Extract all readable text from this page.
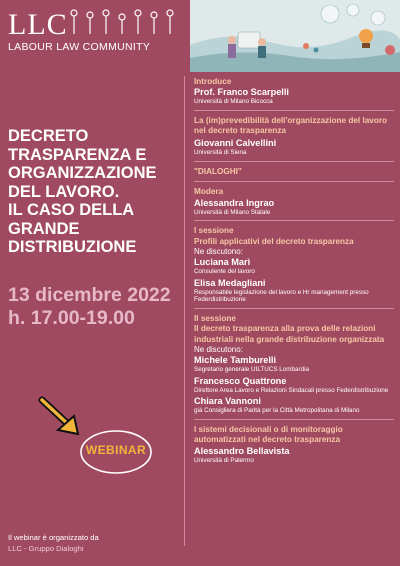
LLC
LABOUR LAW COMMUNITY
DECRETO
TRASPARENZA E
ORGANIZZAZIONE
DEL LAVORO.
IL CASO DELLA
GRANDE
DISTRIBUZIONE
13 dicembre 2022
h. 17.00-19.00
WEBINAR
Il webinar è organizzato da
LLC - Gruppo Dialoghi
Introduce
Prof. Franco Scarpelli
Università di Milano Bicocca
La (im)prevedibilità dell'organizzazione del lavoro nel decreto trasparenza
Giovanni Calvellini
Università di Siena
"DIALOGHI"
Modera
Alessandra Ingrao
Università di Milano Statale
I sessione
Profili applicativi del decreto trasparenza
Ne discutono:
Luciana Marì
Consulente del lavoro
Elisa Medagliani
Responsabile legislazione del lavoro e Hr management presso Federdistribuzione
II sessione
Il decreto trasparenza alla prova delle relazioni industriali nella grande distribuzione organizzata
Ne discutono:
Michele Tamburelli
Segretario generale UILTUCS Lombardia
Francesco Quattrone
Direttore Area Lavoro e Relazioni Sindacali presso Federdistribuzione
Chiara Vannoni
già Consigliera di Parità per la Città Metropolitana di Milano
I sistemi decisionali o di monitoraggio automatizzati nel decreto trasparenza
Alessandro Bellavista
Università di Palermo
